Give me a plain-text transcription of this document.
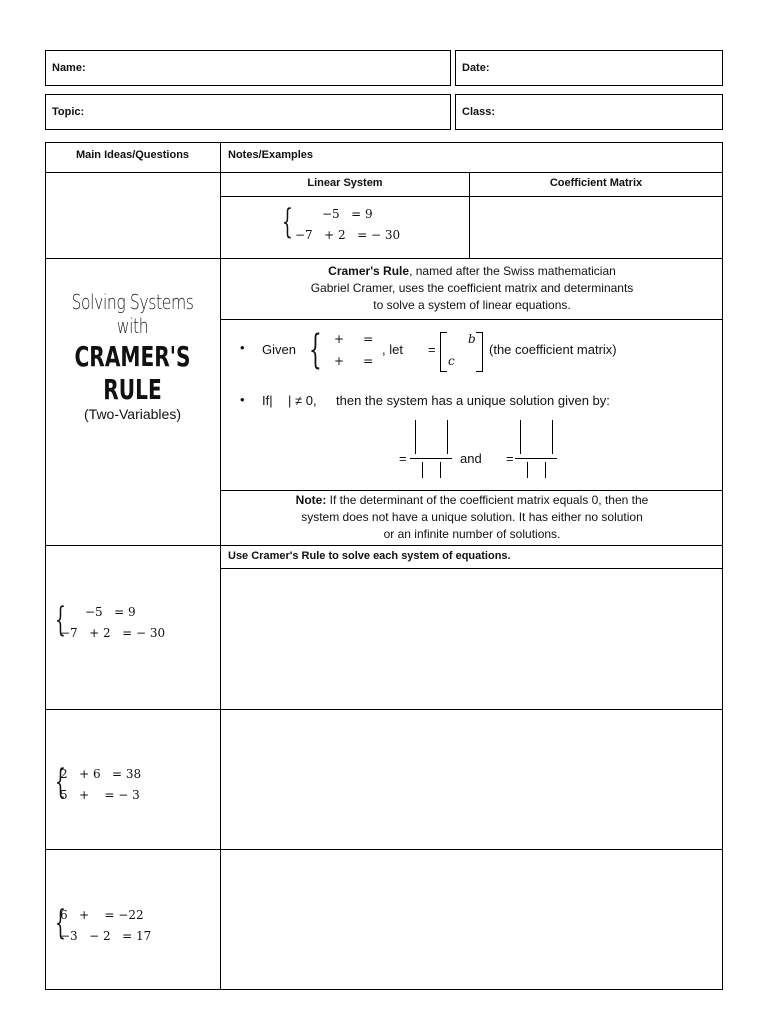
Name:	Date:
Topic:	Class:
Main Ideas/Questions	Notes/Examples
Linear System	Coefficient Matrix
{ −5   = 9
−7   + 2   = − 30
Solving Systems with
CRAMER'S RULE
(Two-Variables)
Cramer's Rule, named after the Swiss mathematician
Gabriel Cramer, uses the coefficient matrix and determinants
to solve a system of linear equations.
• Given { +     =
+     =
, let =
b
c
(the coefficient matrix)
• If| | ≠ 0, then the system has a unique solution given by:
=	and =
Note: If the determinant of the coefficient matrix equals 0, then the
system does not have a unique solution. It has either no solution
or an infinite number of solutions.
Use Cramer's Rule to solve each system of equations.
{ −5   = 9
−7   + 2   = − 30
{
2   + 6   = 38
5   +    = − 3
{
6   +    = −22
−3   − 2   = 17
